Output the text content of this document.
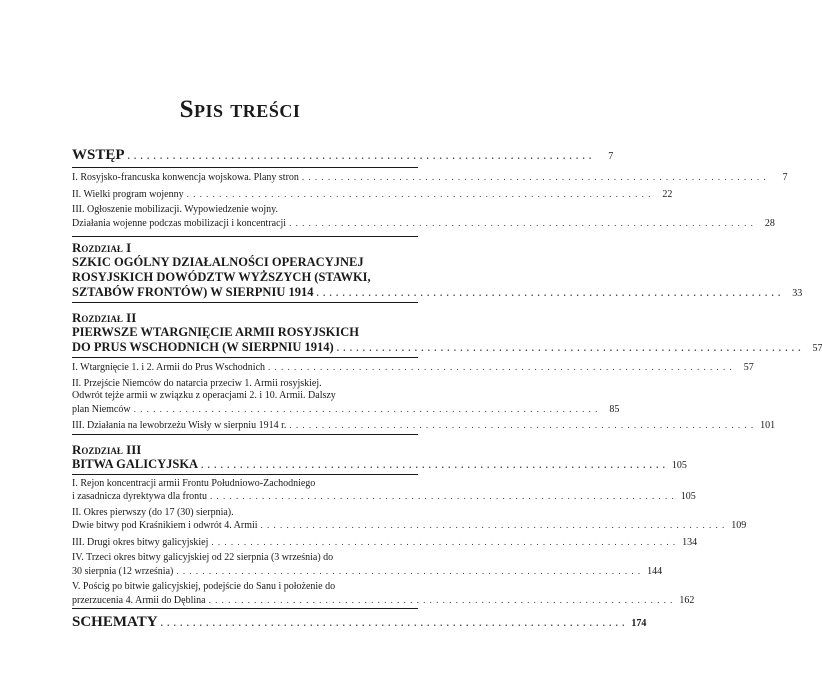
Spis treści
WSTĘP . . . . . . . . . . . . . . . . . . . . . . . . . . . . . . . . . . . . . . . . . . . . . . . . . . . . . . . . . . . . . . . . . . . . . . . .	7
I. Rosyjsko-francuska konwencja wojskowa. Plany stron . . . . . . . . . . . . . . . . . . . . . . . . . . . . . . . . . . . . . . . . . . . . . . . . . . . . . . . . . . . . . . . . . . . . . . . .	7
II. Wielki program wojenny . . . . . . . . . . . . . . . . . . . . . . . . . . . . . . . . . . . . . . . . . . . . . . . . . . . . . . . . . . . . . . . . . . . . . . . .	22
III. Ogłoszenie mobilizacji. Wypowiedzenie wojny.
Działania wojenne podczas mobilizacji i koncentracji . . . . . . . . . . . . . . . . . . . . . . . . . . . . . . . . . . . . . . . . . . . . . . . . . . . . . . . . . . . . . . . . . . . . . . . .	28
Rozdział I
SZKIC OGÓLNY DZIAŁALNOŚCI OPERACYJNEJ
ROSYJSKICH DOWÓDZTW WYŻSZYCH (STAWKI,
SZTABÓW FRONTÓW) W SIERPNIU 1914 . . . . . . . . . . . . . . . . . . . . . . . . . . . . . . . . . . . . . . . . . . . . . . . . . . . . . . . . . . . . . . . . . . . . . . . .	33
Rozdział II
PIERWSZE WTARGNIĘCIE ARMII ROSYJSKICH
DO PRUS WSCHODNICH (W SIERPNIU 1914) . . . . . . . . . . . . . . . . . . . . . . . . . . . . . . . . . . . . . . . . . . . . . . . . . . . . . . . . . . . . . . . . . . . . . . . .	57
I. Wtargnięcie 1. i 2. Armii do Prus Wschodnich . . . . . . . . . . . . . . . . . . . . . . . . . . . . . . . . . . . . . . . . . . . . . . . . . . . . . . . . . . . . . . . . . . . . . . . .	57
II. Przejście Niemców do natarcia przeciw 1. Armii rosyjskiej.
Odwrót tejże armii w związku z operacjami 2. i 10. Armii. Dalszy
plan Niemców . . . . . . . . . . . . . . . . . . . . . . . . . . . . . . . . . . . . . . . . . . . . . . . . . . . . . . . . . . . . . . . . . . . . . . . .	85
III. Działania na lewobrzeżu Wisły w sierpniu 1914 r. . . . . . . . . . . . . . . . . . . . . . . . . . . . . . . . . . . . . . . . . . . . . . . . . . . . . . . . . . . . . . . . . . . . . . . . . 101
Rozdział III
BITWA GALICYJSKA . . . . . . . . . . . . . . . . . . . . . . . . . . . . . . . . . . . . . . . . . . . . . . . . . . . . . . . . . . . . . . . . . . . . . . . . 105
I. Rejon koncentracji armii Frontu Południowo-Zachodniego
i zasadnicza dyrektywa dla frontu . . . . . . . . . . . . . . . . . . . . . . . . . . . . . . . . . . . . . . . . . . . . . . . . . . . . . . . . . . . . . . . . . . . . . . . . 105
II. Okres pierwszy (do 17 (30) sierpnia).
Dwie bitwy pod Kraśnikiem i odwrót 4. Armii . . . . . . . . . . . . . . . . . . . . . . . . . . . . . . . . . . . . . . . . . . . . . . . . . . . . . . . . . . . . . . . . . . . . . . . . 109
III. Drugi okres bitwy galicyjskiej . . . . . . . . . . . . . . . . . . . . . . . . . . . . . . . . . . . . . . . . . . . . . . . . . . . . . . . . . . . . . . . . . . . . . . . . 134
IV. Trzeci okres bitwy galicyjskiej od 22 sierpnia (3 września) do
30 sierpnia (12 września) . . . . . . . . . . . . . . . . . . . . . . . . . . . . . . . . . . . . . . . . . . . . . . . . . . . . . . . . . . . . . . . . . . . . . . . . 144
V. Pościg po bitwie galicyjskiej, podejście do Sanu i położenie do
przerzucenia 4. Armii do Dęblina . . . . . . . . . . . . . . . . . . . . . . . . . . . . . . . . . . . . . . . . . . . . . . . . . . . . . . . . . . . . . . . . . . . . . . . . 162
SCHEMATY . . . . . . . . . . . . . . . . . . . . . . . . . . . . . . . . . . . . . . . . . . . . . . . . . . . . . . . . . . . . . . . . . . . . . . . . 174
